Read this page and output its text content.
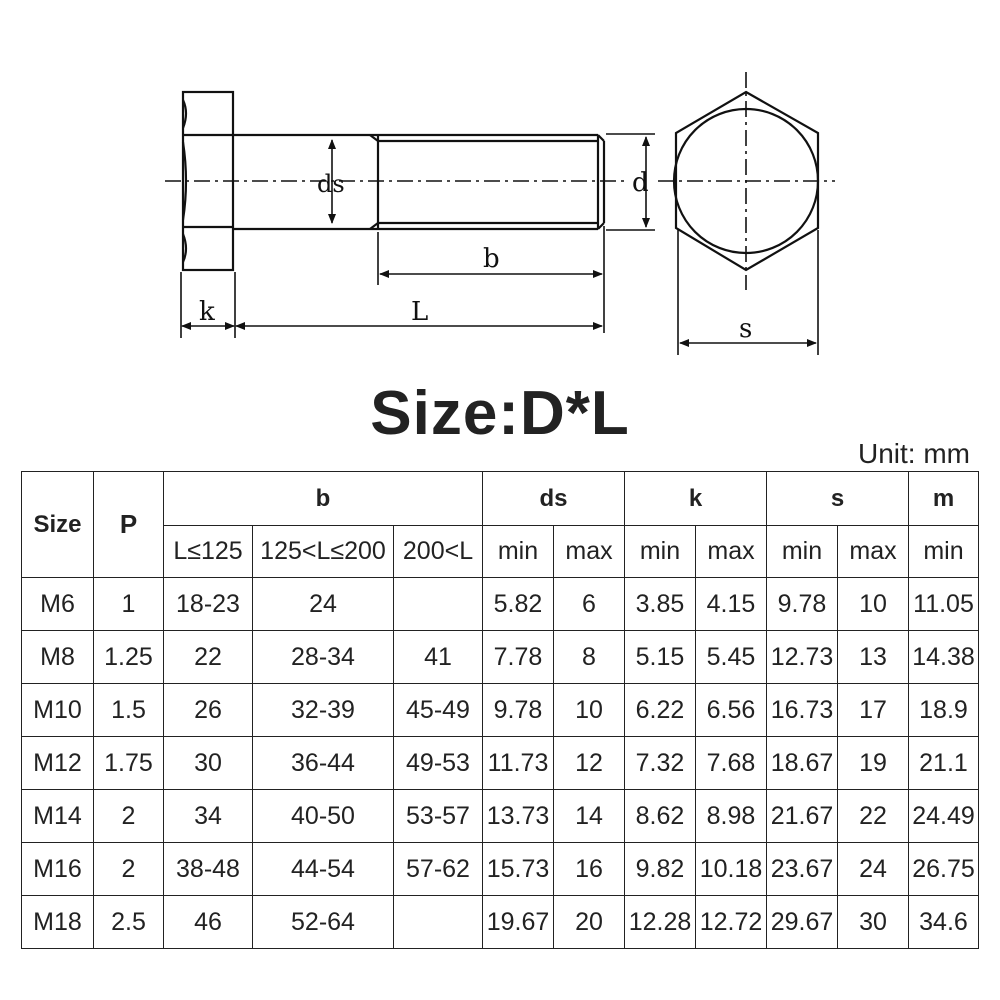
ds	d
b
k	L
s
Size:D*L
Unit: mm
Size	P	b			ds		k		s		m
		L≤125	125<L≤200	200<L	min	max	min	max	min	max	min
M6	1	18-23	24		5.82	6	3.85	4.15	9.78	10	11.05
M8	1.25	22	28-34	41	7.78	8	5.15	5.45	12.73	13	14.38
M10	1.5	26	32-39	45-49	9.78	10	6.22	6.56	16.73	17	18.9
M12	1.75	30	36-44	49-53	11.73	12	7.32	7.68	18.67	19	21.1
M14	2	34	40-50	53-57	13.73	14	8.62	8.98	21.67	22	24.49
M16	2	38-48	44-54	57-62	15.73	16	9.82	10.18	23.67	24	26.75
M18	2.5	46	52-64		19.67	20	12.28	12.72	29.67	30	34.6
